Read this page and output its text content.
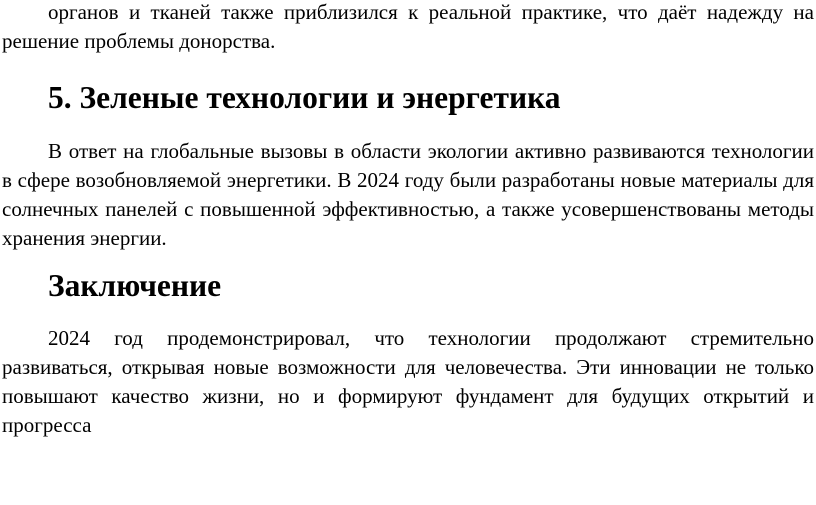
органов и тканей также приблизился к реальной практике, что даёт надежду на решение проблемы донорства.

5. Зеленые технологии и энергетика

В ответ на глобальные вызовы в области экологии активно развиваются технологии в сфере возобновляемой энергетики. В 2024 году были разработаны новые материалы для солнечных панелей с повышенной эффективностью, а также усовершенствованы методы хранения энергии.

Заключение

2024 год продемонстрировал, что технологии продолжают стремительно развиваться, открывая новые возможности для человечества. Эти инновации не только повышают качество жизни, но и формируют фундамент для будущих открытий и прогресса
